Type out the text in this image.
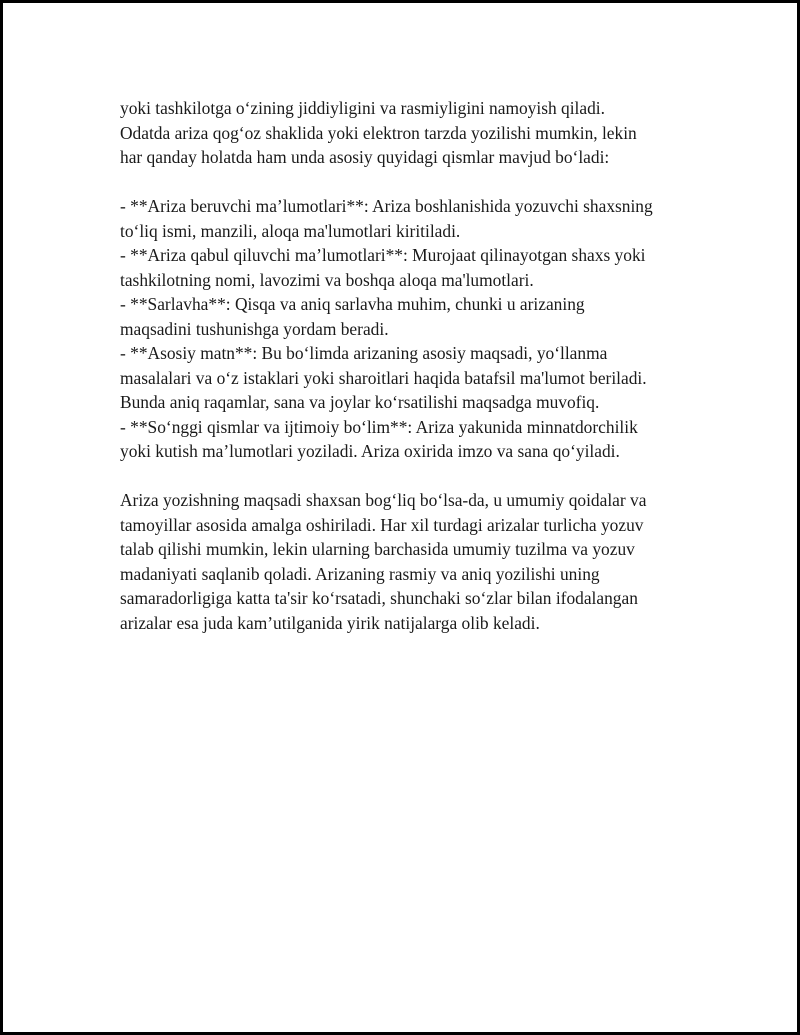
yoki tashkilotga oʻzining jiddiyligini va rasmiyligini namoyish qiladi.
Odatda ariza qogʻoz shaklida yoki elektron tarzda yozilishi mumkin, lekin
har qanday holatda ham unda asosiy quyidagi qismlar mavjud boʻladi:
- **Ariza beruvchi maʼlumotlari**: Ariza boshlanishida yozuvchi shaxsning
toʻliq ismi, manzili, aloqa ma'lumotlari kiritiladi.
- **Ariza qabul qiluvchi maʼlumotlari**: Murojaat qilinayotgan shaxs yoki
tashkilotning nomi, lavozimi va boshqa aloqa ma'lumotlari.
- **Sarlavha**: Qisqa va aniq sarlavha muhim, chunki u arizaning
maqsadini tushunishga yordam beradi.
- **Asosiy matn**: Bu boʻlimda arizaning asosiy maqsadi, yoʻllanma
masalalari va oʻz istaklari yoki sharoitlari haqida batafsil ma'lumot beriladi.
Bunda aniq raqamlar, sana va joylar koʻrsatilishi maqsadga muvofiq.
- **Soʻnggi qismlar va ijtimoiy boʻlim**: Ariza yakunida minnatdorchilik
yoki kutish maʼlumotlari yoziladi. Ariza oxirida imzo va sana qoʻyiladi.
Ariza yozishning maqsadi shaxsan bogʻliq boʻlsa-da, u umumiy qoidalar va
tamoyillar asosida amalga oshiriladi. Har xil turdagi arizalar turlicha yozuv
talab qilishi mumkin, lekin ularning barchasida umumiy tuzilma va yozuv
madaniyati saqlanib qoladi. Arizaning rasmiy va aniq yozilishi uning
samaradorligiga katta ta'sir koʻrsatadi, shunchaki soʻzlar bilan ifodalangan
arizalar esa juda kamʼutilganida yirik natijalarga olib keladi.
